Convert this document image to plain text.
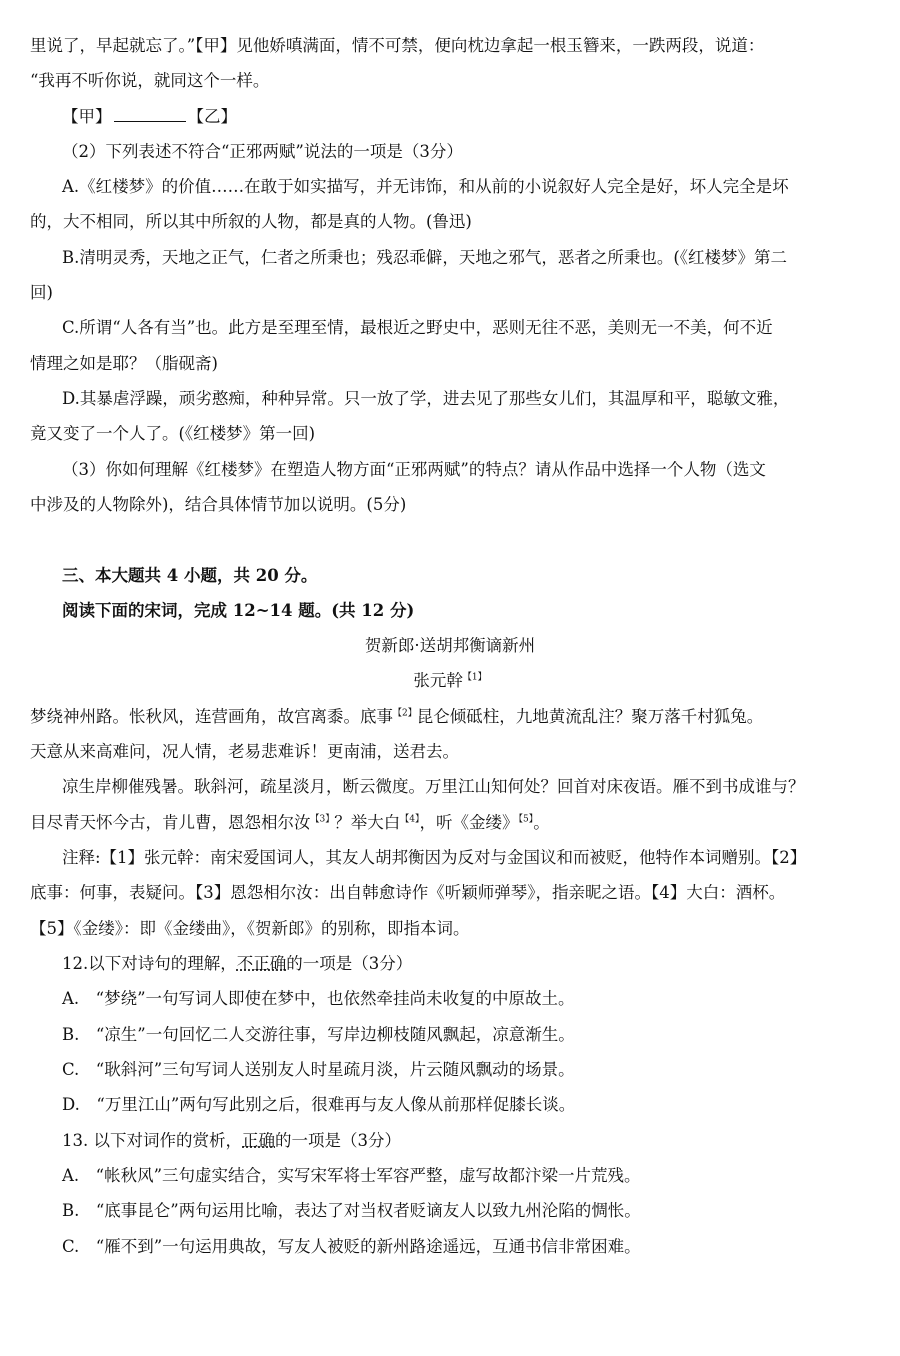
里说了，早起就忘了。”【甲】见他娇嗔满面，情不可禁，便向枕边拿起一根玉簪来，一跌两段，说道：
“我再不听你说，就同这个一样。
【甲】	【乙】
（2）下列表述不符合“正邪两赋”说法的一项是（3分）
A.《红楼梦》的价值……在敢于如实描写，并无讳饰，和从前的小说叙好人完全是好，坏人完全是坏
的，大不相同，所以其中所叙的人物，都是真的人物。(鲁迅)
B.清明灵秀，天地之正气，仁者之所秉也；残忍乖僻，天地之邪气，恶者之所秉也。(《红楼梦》第二
回)
C.所谓“人各有当”也。此方是至理至情，最根近之野史中，恶则无往不恶，美则无一不美，何不近
情理之如是耶？（脂砚斋)
D.其暴虐浮躁，顽劣憨痴，种种异常。只一放了学，进去见了那些女儿们，其温厚和平，聪敏文雅，
竟又变了一个人了。(《红楼梦》第一回)
（3）你如何理解《红楼梦》在塑造人物方面“正邪两赋”的特点？请从作品中选择一个人物（选文
中涉及的人物除外)，结合具体情节加以说明。(5分)
三、本大题共 4 小题，共 20 分。
阅读下面的宋词，完成 12~14 题。(共 12 分)
贺新郎·送胡邦衡谪新州
张元幹$^{【1】}$
梦绕神州路。怅秋风，连营画角，故宫离黍。底事$^{【2】}$昆仑倾砥柱，九地黄流乱注？聚万落千村狐兔。
天意从来高难问，况人情，老易悲难诉！更南浦，送君去。
凉生岸柳催残暑。耿斜河，疏星淡月，断云微度。万里江山知何处？回首对床夜语。雁不到书成谁与？
目尽青天怀今古，肯儿曹，恩怨相尔汝$^{【3】}$？举大白$^{【4】}$，听《金缕》$^{【5】}$。
注释:【1】张元幹：南宋爱国词人，其友人胡邦衡因为反对与金国议和而被贬，他特作本词赠别。【2】
底事：何事，表疑问。【3】恩怨相尔汝：出自韩愈诗作《听颖师弹琴》，指亲昵之语。【4】大白：酒杯。
【5】《金缕》：即《金缕曲》，《贺新郎》的别称，即指本词。
12.以下对诗句的理解，不正确的一项是（3分）
A.　“梦绕”一句写词人即使在梦中，也依然牵挂尚未收复的中原故土。
B.　“凉生”一句回忆二人交游往事，写岸边柳枝随风飘起，凉意渐生。
C.　“耿斜河”三句写词人送别友人时星疏月淡，片云随风飘动的场景。
D.　“万里江山”两句写此别之后，很难再与友人像从前那样促膝长谈。
13. 以下对词作的赏析，正确的一项是（3分）
A.　“帐秋风”三句虚实结合，实写宋军将士军容严整，虚写故都汴梁一片荒残。
B.　“底事昆仑”两句运用比喻，表达了对当权者贬谪友人以致九州沦陷的惆怅。
C.　“雁不到”一句运用典故，写友人被贬的新州路途遥远，互通书信非常困难。
